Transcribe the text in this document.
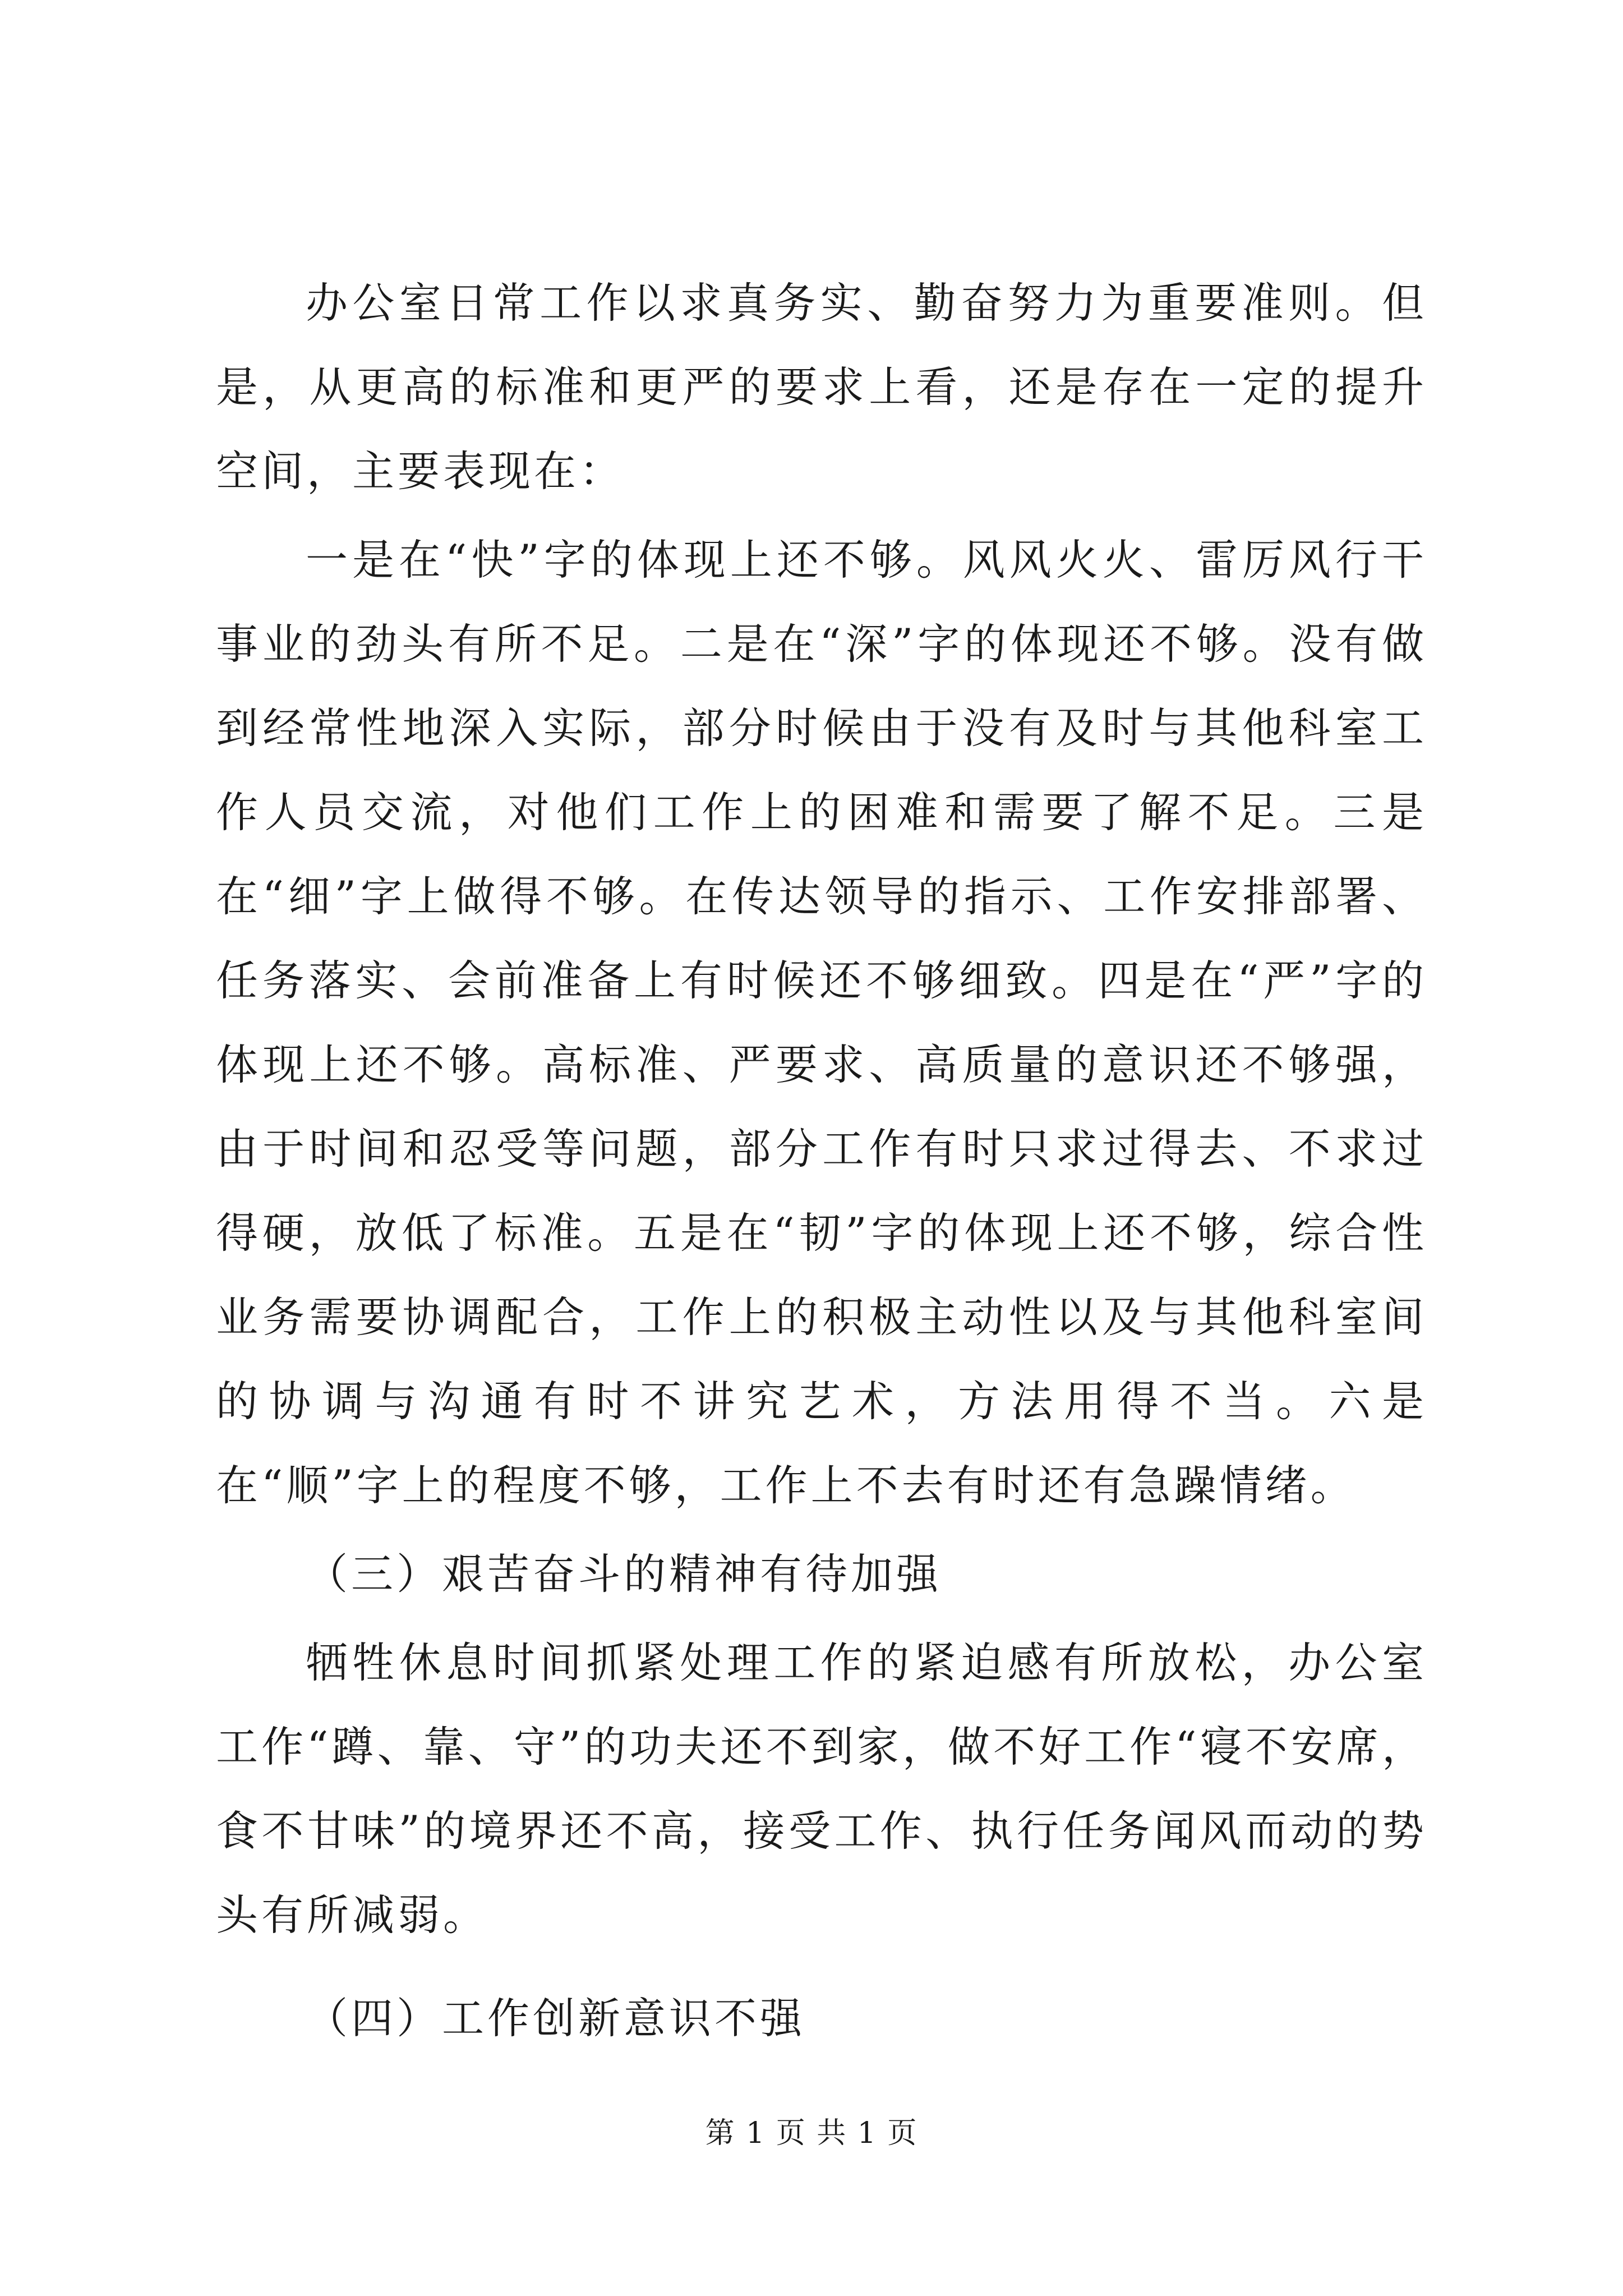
办公室日常工作以求真务实、勤奋努力为重要准则。但是，从更高的标准和更严的要求上看，还是存在一定的提升空间，主要表现在：

一是在“快”字的体现上还不够。风风火火、雷厉风行干事业的劲头有所不足。二是在“深”字的体现还不够。没有做到经常性地深入实际，部分时候由于没有及时与其他科室工作人员交流，对他们工作上的困难和需要了解不足。三是在“细”字上做得不够。在传达领导的指示、工作安排部署、任务落实、会前准备上有时候还不够细致。四是在“严”字的体现上还不够。高标准、严要求、高质量的意识还不够强，由于时间和忍受等问题，部分工作有时只求过得去、不求过得硬，放低了标准。五是在“韧”字的体现上还不够，综合性业务需要协调配合，工作上的积极主动性以及与其他科室间的协调与沟通有时不讲究艺术，方法用得不当。六是在“顺”字上的程度不够，工作上不去有时还有急躁情绪。

（三）艰苦奋斗的精神有待加强

牺牲休息时间抓紧处理工作的紧迫感有所放松，办公室工作“蹲、靠、守”的功夫还不到家，做不好工作“寝不安席，食不甘味”的境界还不高，接受工作、执行任务闻风而动的势头有所减弱。

（四）工作创新意识不强

第 1 页 共 1 页
